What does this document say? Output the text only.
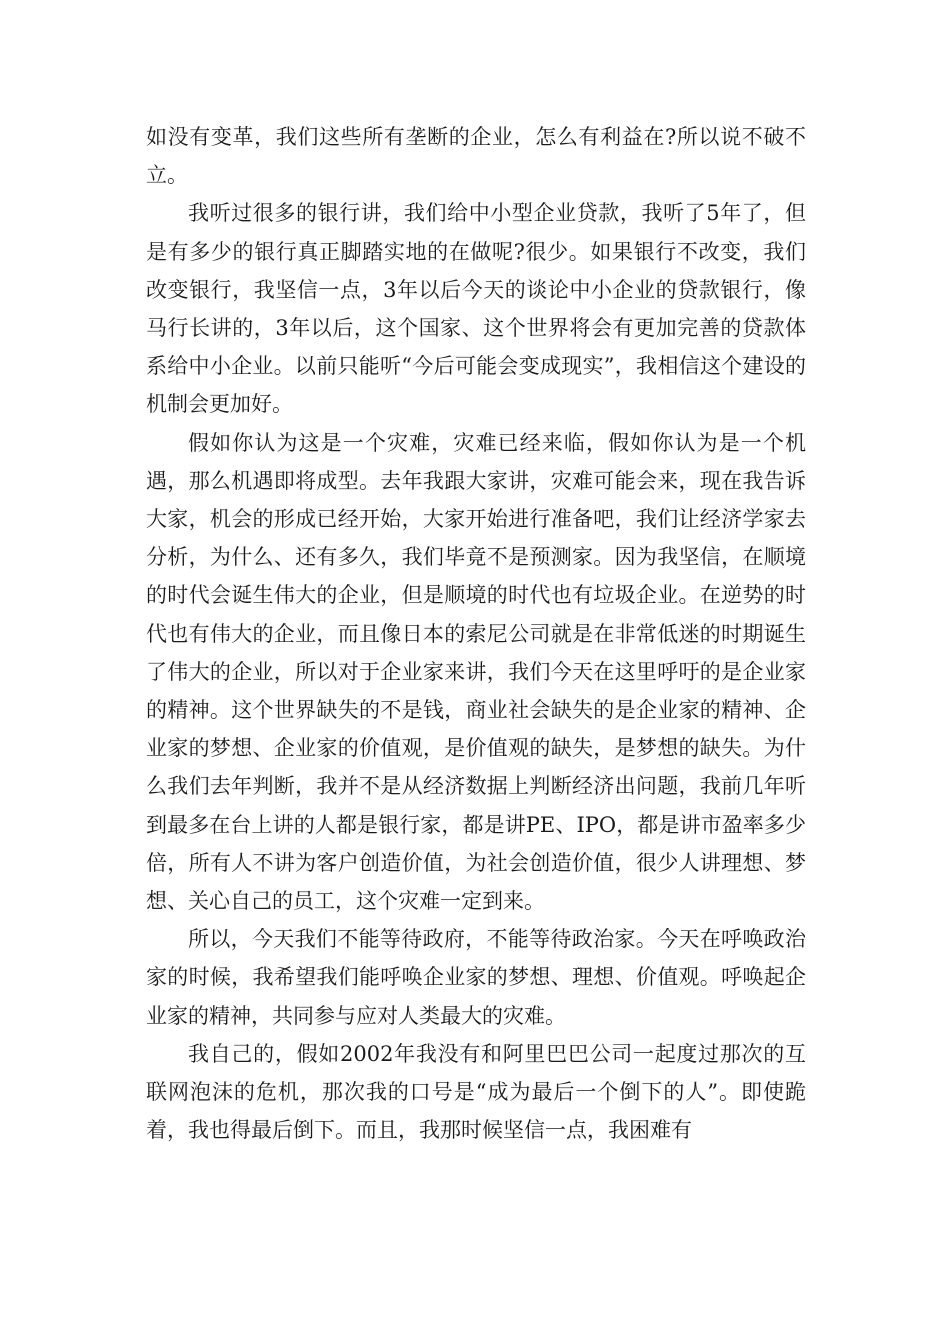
如没有变革，我们这些所有垄断的企业，怎么有利益在?所以说不破不立。

我听过很多的银行讲，我们给中小型企业贷款，我听了5年了，但是有多少的银行真正脚踏实地的在做呢?很少。如果银行不改变，我们改变银行，我坚信一点，3年以后今天的谈论中小企业的贷款银行，像马行长讲的，3年以后，这个国家、这个世界将会有更加完善的贷款体系给中小企业。以前只能听“今后可能会变成现实”，我相信这个建设的机制会更加好。

假如你认为这是一个灾难，灾难已经来临，假如你认为是一个机遇，那么机遇即将成型。去年我跟大家讲，灾难可能会来，现在我告诉大家，机会的形成已经开始，大家开始进行准备吧，我们让经济学家去分析，为什么、还有多久，我们毕竟不是预测家。因为我坚信，在顺境的时代会诞生伟大的企业，但是顺境的时代也有垃圾企业。在逆势的时代也有伟大的企业，而且像日本的索尼公司就是在非常低迷的时期诞生了伟大的企业，所以对于企业家来讲，我们今天在这里呼吁的是企业家的精神。这个世界缺失的不是钱，商业社会缺失的是企业家的精神、企业家的梦想、企业家的价值观，是价值观的缺失，是梦想的缺失。为什么我们去年判断，我并不是从经济数据上判断经济出问题，我前几年听到最多在台上讲的人都是银行家，都是讲PE、IPO，都是讲市盈率多少倍，所有人不讲为客户创造价值，为社会创造价值，很少人讲理想、梦想、关心自己的员工，这个灾难一定到来。

所以，今天我们不能等待政府，不能等待政治家。今天在呼唤政治家的时候，我希望我们能呼唤企业家的梦想、理想、价值观。呼唤起企业家的精神，共同参与应对人类最大的灾难。

我自己的，假如2002年我没有和阿里巴巴公司一起度过那次的互联网泡沫的危机，那次我的口号是“成为最后一个倒下的人”。即使跪着，我也得最后倒下。而且，我那时候坚信一点，我困难有
